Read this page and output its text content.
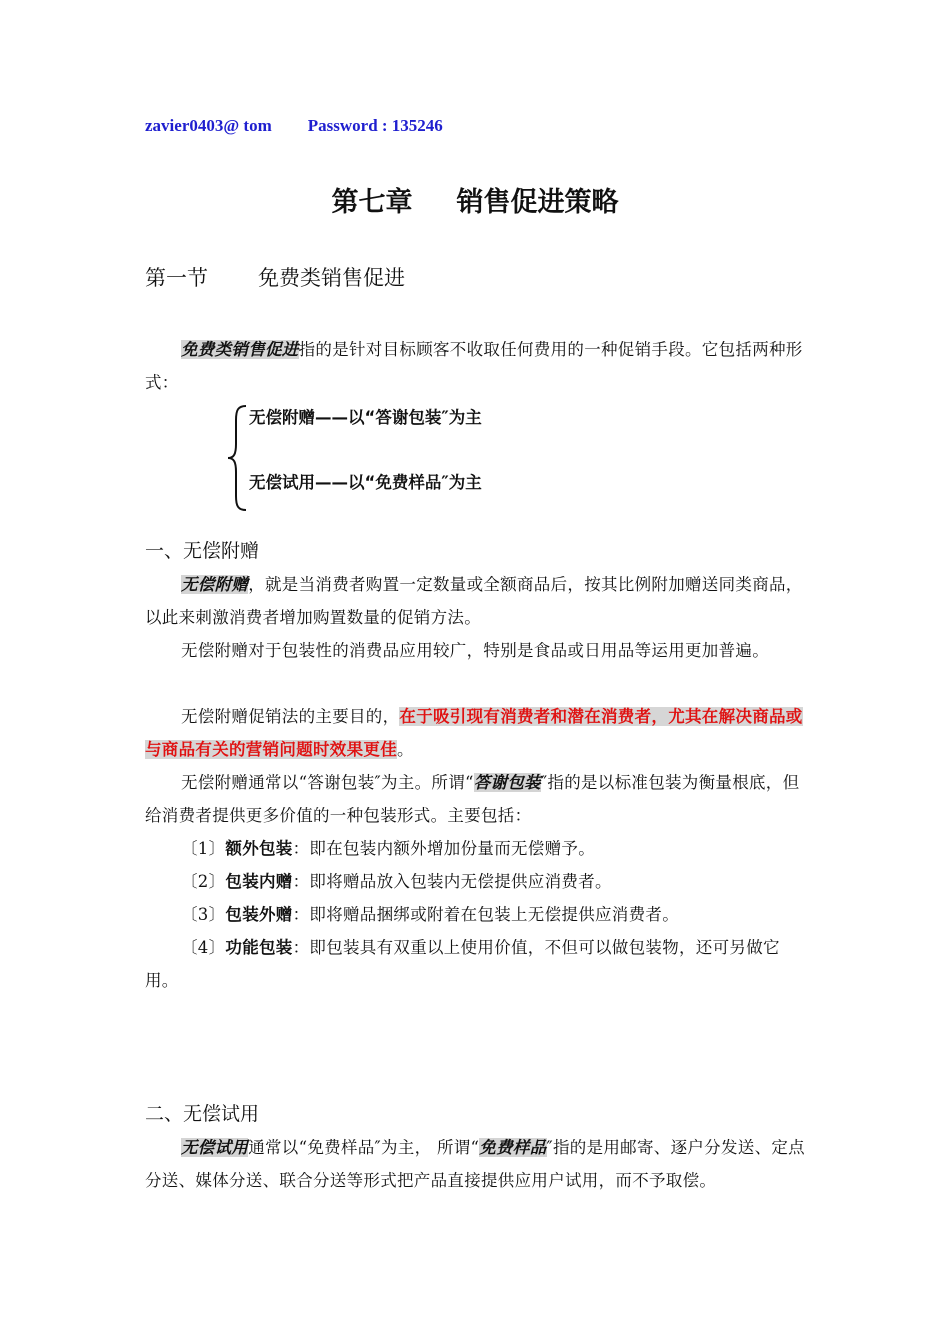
zavier0403@ tom Password : 135246
第七章 销售促进策略
第一节 免费类销售促进
免费类销售促进指的是针对目标顾客不收取任何费用的一种促销手段。它包括两种形式：
无偿附赠——以“答谢包装″为主
无偿试用——以“免费样品″为主
一、无偿附赠
无偿附赠，就是当消费者购置一定数量或全额商品后，按其比例附加赠送同类商品，以此来刺激消费者增加购置数量的促销方法。
无偿附赠对于包装性的消费品应用较广，特别是食品或日用品等运用更加普遍。
无偿附赠促销法的主要目的，在于吸引现有消费者和潜在消费者，尤其在解决商品或与商品有关的营销问题时效果更佳。
无偿附赠通常以“答谢包装″为主。所谓“答谢包装″指的是以标准包装为衡量根底，但给消费者提供更多价值的一种包装形式。主要包括：
〔1〕额外包装：即在包装内额外增加份量而无偿赠予。
〔2〕包装内赠：即将赠品放入包装内无偿提供应消费者。
〔3〕包装外赠：即将赠品捆绑或附着在包装上无偿提供应消费者。
〔4〕功能包装：即包装具有双重以上使用价值，不但可以做包装物，还可另做它用。
二、无偿试用
无偿试用通常以“免费样品″为主， 所谓“免费样品″指的是用邮寄、逐户分发送、定点分送、媒体分送、联合分送等形式把产品直接提供应用户试用，而不予取偿。
